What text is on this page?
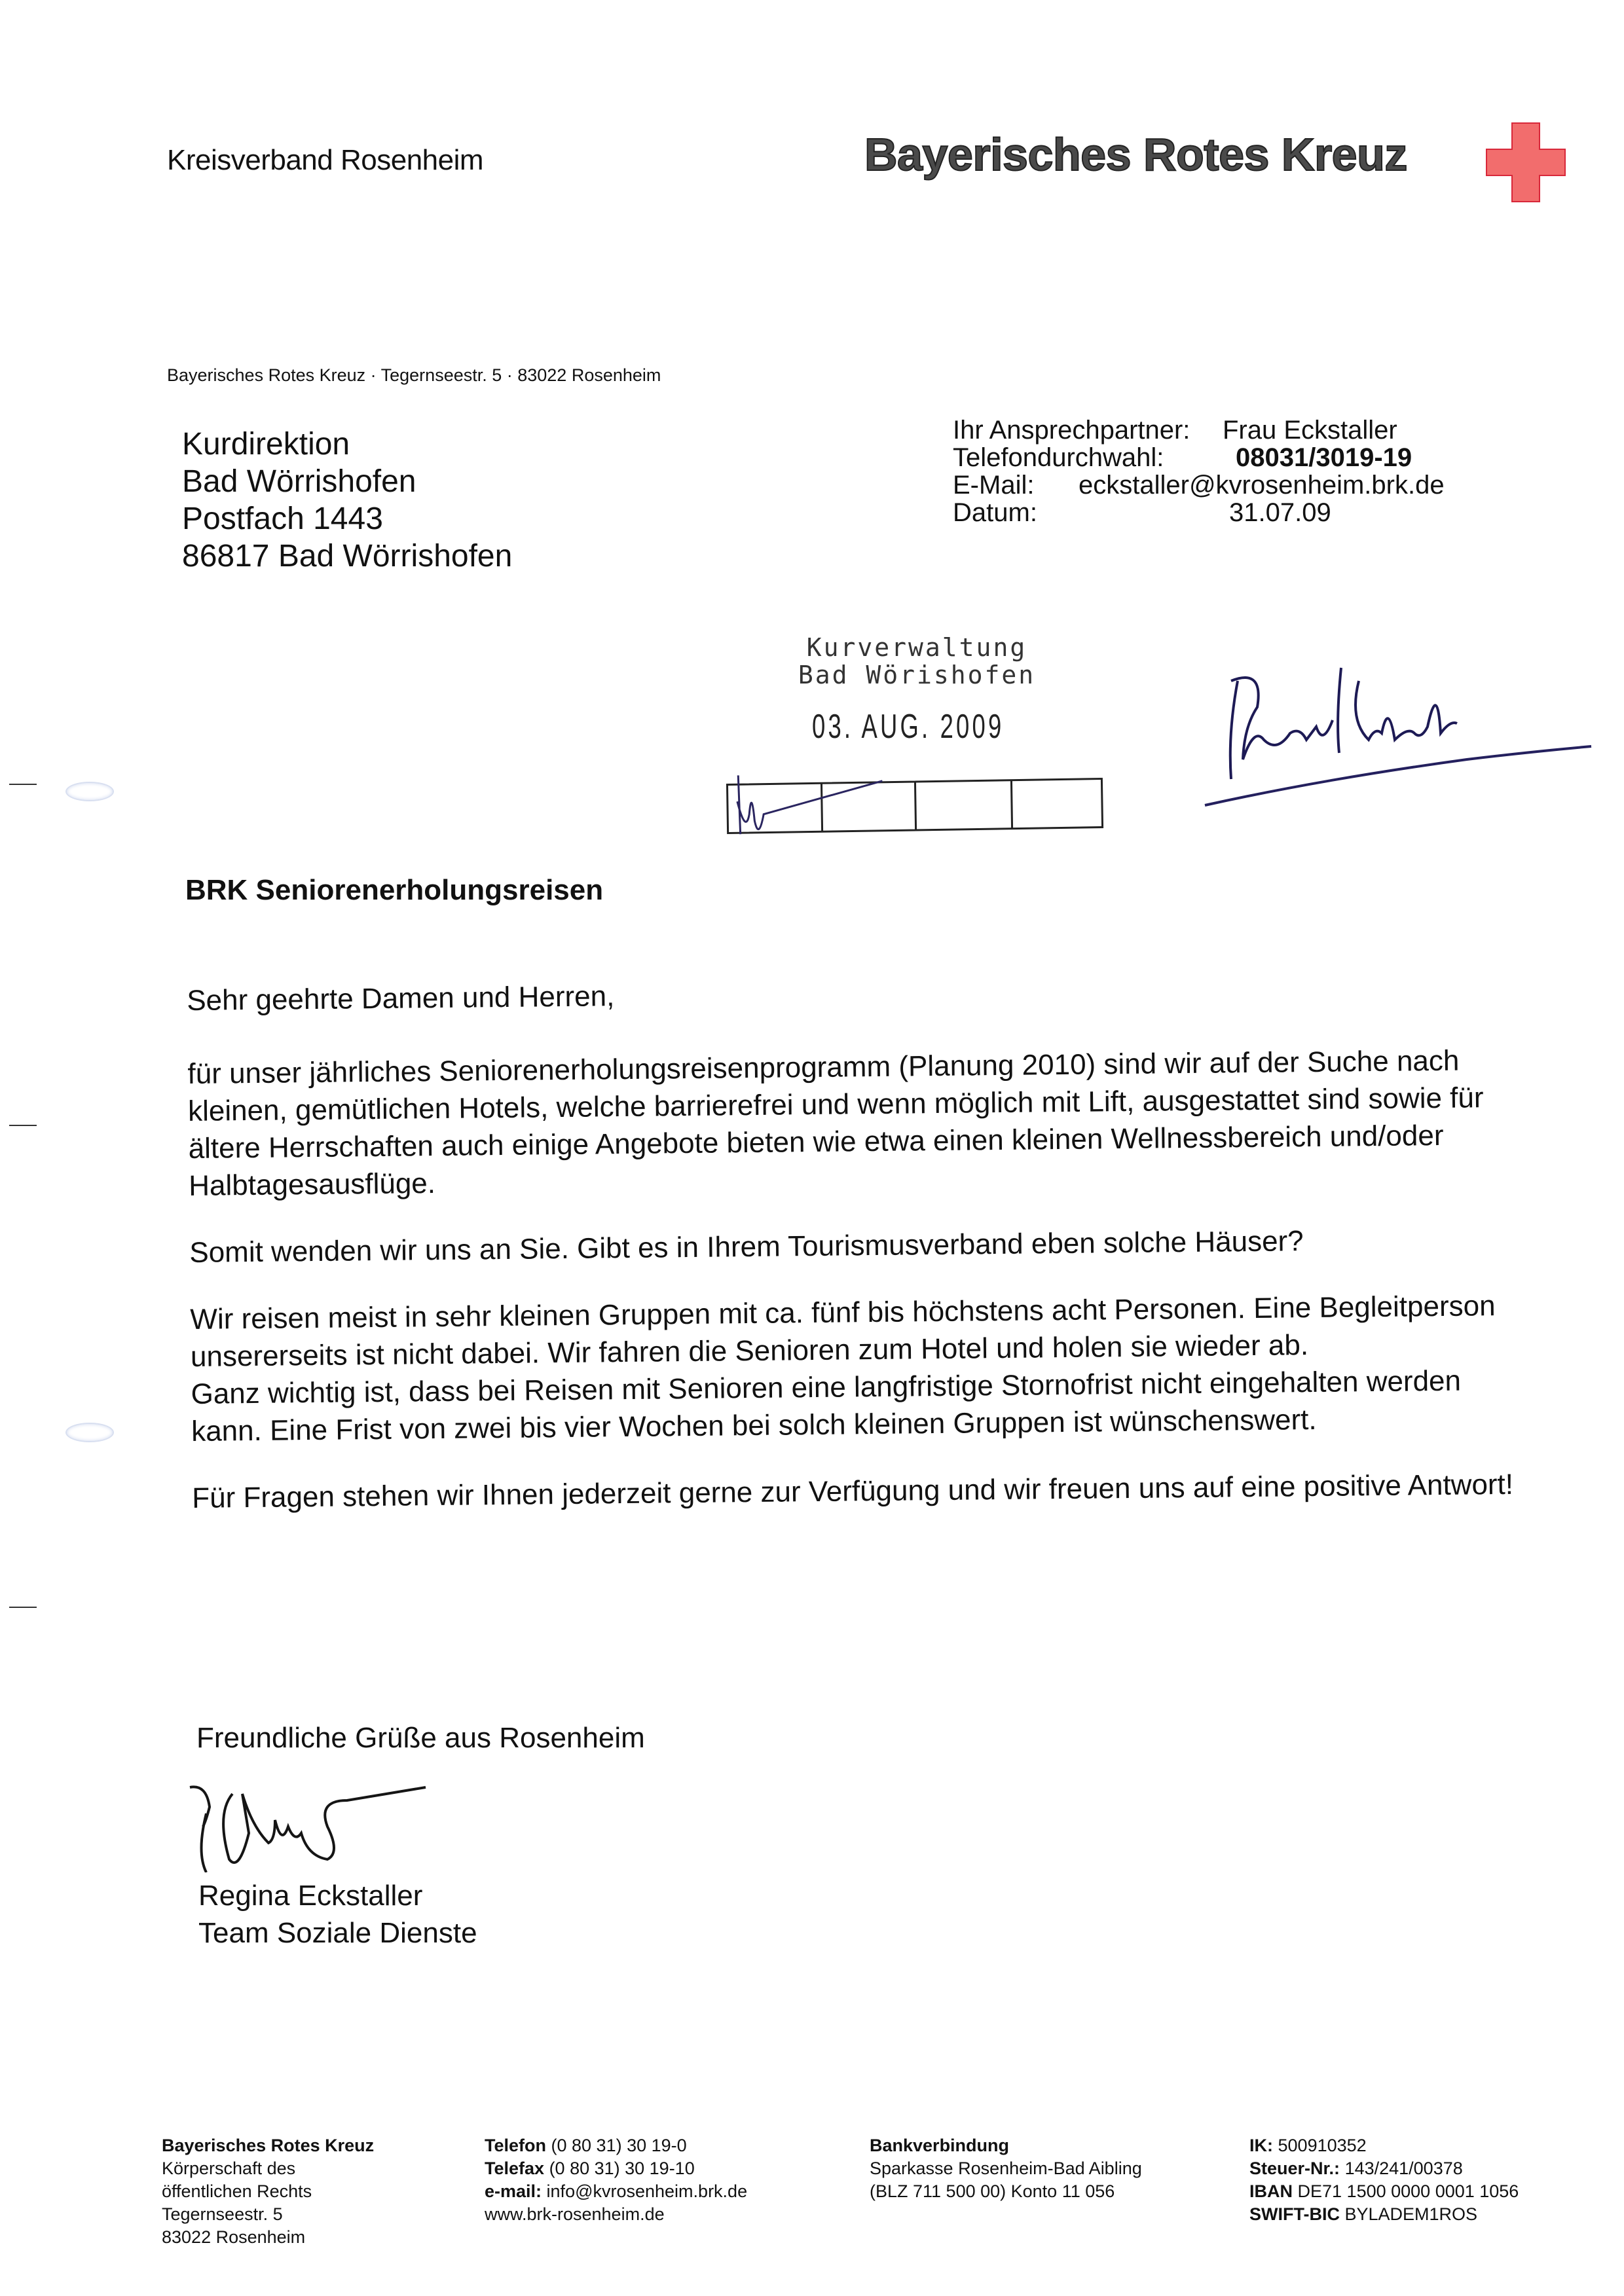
Kreisverband Rosenheim	Bayerisches Rotes Kreuz
Bayerisches Rotes Kreuz · Tegernseestr. 5 · 83022 Rosenheim
Kurdirektion
Bad Wörrishofen
Postfach 1443
86817 Bad Wörrishofen
Ihr Ansprechpartner: Frau Eckstaller
Telefondurchwahl:	08031/3019-19
E-Mail: eckstaller@kvrosenheim.brk.de
Datum:	31.07.09
Kurverwaltung
Bad Wörishofen
03. AUG. 2009
BRK Seniorenerholungsreisen

Sehr geehrte Damen und Herren,

für unser jährliches Seniorenerholungsreisenprogramm (Planung 2010) sind wir auf der Suche nach kleinen, gemütlichen Hotels, welche barrierefrei und wenn möglich mit Lift, ausgestattet sind sowie für ältere Herrschaften auch einige Angebote bieten wie etwa einen kleinen Wellnessbereich und/oder Halbtagesausflüge.

Somit wenden wir uns an Sie. Gibt es in Ihrem Tourismusverband eben solche Häuser?

Wir reisen meist in sehr kleinen Gruppen mit ca. fünf bis höchstens acht Personen. Eine Begleitperson unsererseits ist nicht dabei. Wir fahren die Senioren zum Hotel und holen sie wieder ab.

Ganz wichtig ist, dass bei Reisen mit Senioren eine langfristige Stornofrist nicht eingehalten werden kann. Eine Frist von zwei bis vier Wochen bei solch kleinen Gruppen ist wünschenswert.

Für Fragen stehen wir Ihnen jederzeit gerne zur Verfügung und wir freuen uns auf eine positive Antwort!

Freundliche Grüße aus Rosenheim
Regina Eckstaller
Team Soziale Dienste
Bayerisches Rotes Kreuz
Körperschaft des
öffentlichen Rechts
Tegernseestr. 5
83022 Rosenheim
Telefon (0 80 31) 30 19-0
Telefax (0 80 31) 30 19-10
e-mail: info@kvrosenheim.brk.de
www.brk-rosenheim.de
Bankverbindung
Sparkasse Rosenheim-Bad Aibling
(BLZ 711 500 00) Konto 11 056
IK: 500910352
Steuer-Nr.: 143/241/00378
IBAN DE71 1500 0000 0001 1056
SWIFT-BIC BYLADEM1ROS
